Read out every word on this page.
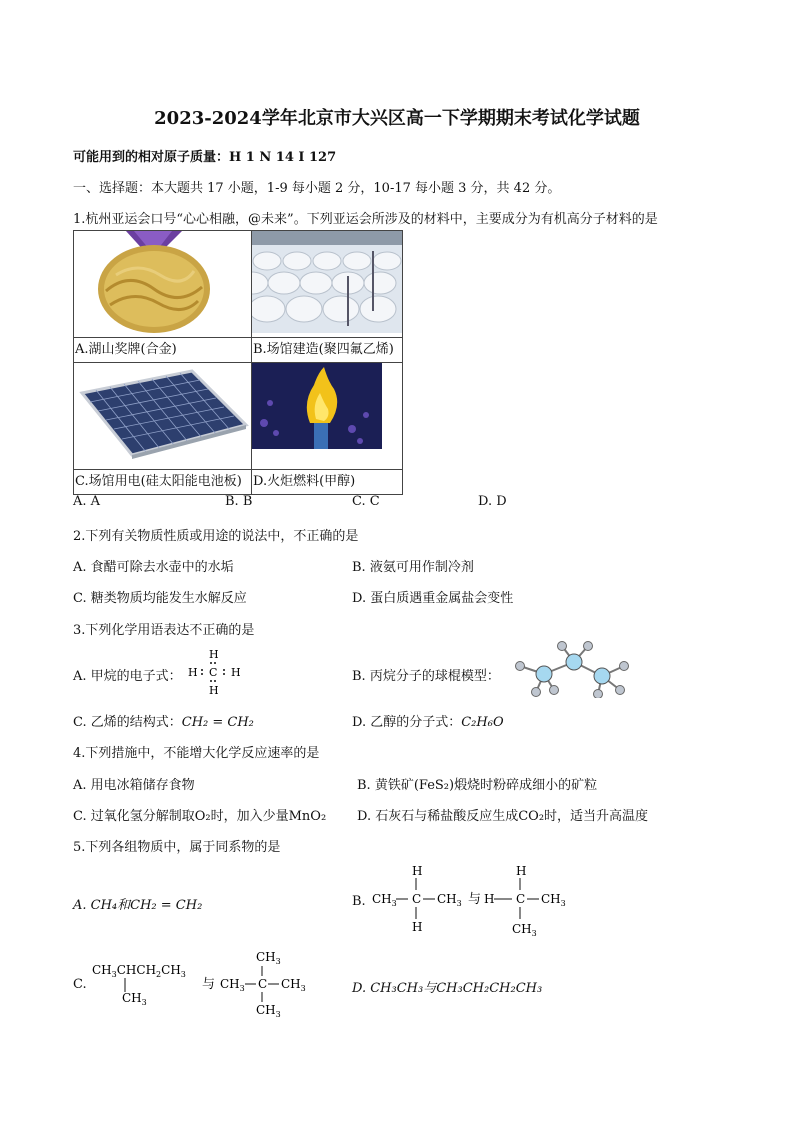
2023-2024学年北京市大兴区高一下学期期末考试化学试题
可能用到的相对原子质量：H 1 N 14 I 127
一、选择题：本大题共 17 小题，1-9 每小题 2 分，10-17 每小题 3 分，共 42 分。
1.杭州亚运会口号“心心相融，@未来”。下列亚运会所涉及的材料中，主要成分为有机高分子材料的是

A.湖山奖牌(合金)	B.场馆建造(聚四氟乙烯)

C.场馆用电(硅太阳能电池板)	D.火炬燃料(甲醇)
A. A	B. B	C. C	D. D
2.下列有关物质性质或用途的说法中，不正确的是
A. 食醋可除去水壶中的水垢	B. 液氨可用作制冷剂
C. 糖类物质均能发生水解反应	D. 蛋白质遇重金属盐会变性
3.下列化学用语表达不正确的是
A. 甲烷的电子式：
H
H C H
H
B. 丙烷分子的球棍模型：
C. 乙烯的结构式：CH₂ = CH₂	D. 乙醇的分子式：C₂H₆O
4.下列措施中，不能增大化学反应速率的是
A. 用电冰箱储存食物	B. 黄铁矿(FeS₂)煅烧时粉碎成细小的矿粒
C. 过氧化氢分解制取O₂时，加入少量MnO₂ D. 石灰石与稀盐酸反应生成CO₂时，适当升高温度
5.下列各组物质中，属于同系物的是
A. CH₄和CH₂ = CH₂	B.
H
$CH_3$ C $CH_3$
H
与
H
H C $CH_3$
$CH_3$
C.
$CH_3CHCH_2CH_3$
$CH_3$
与
$CH_3$
$CH_3$ C $CH_3$
$CH_3$
D. CH₃CH₃与CH₃CH₂CH₂CH₃
